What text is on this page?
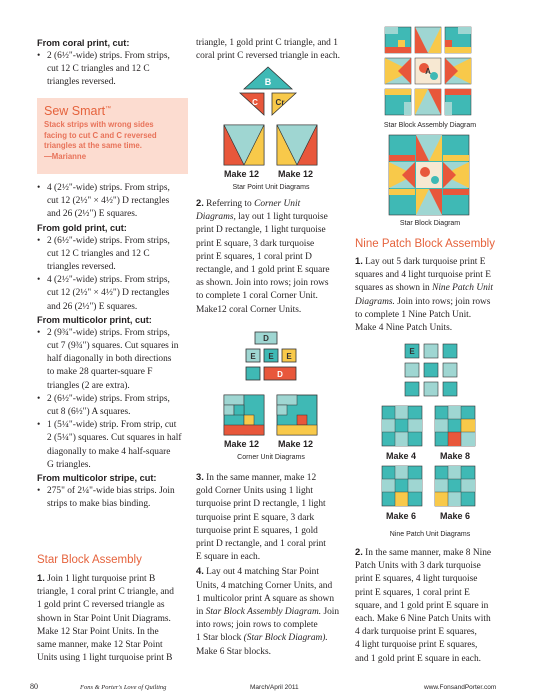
From coral print, cut:

• 2 (6½"-wide) strips. From strips,
cut 12 C triangles and 12 C
triangles reversed.
Sew Smart™
Stack strips with wrong sides
facing to cut C and C reversed
triangles at the same time.
—Marianne
• 4 (2½"-wide) strips. From strips,
cut 12 (2½" × 4½") D rectangles
and 26 (2½") E squares.

From gold print, cut:

• 2 (6½"-wide) strips. From strips,
cut 12 C triangles and 12 C
triangles reversed.
• 4 (2½"-wide) strips. From strips,
cut 12 (2½" × 4½") D rectangles
and 26 (2½") E squares.

From multicolor print, cut:

• 2 (9¾"-wide) strips. From strips,
cut 7 (9¾") squares. Cut squares in
half diagonally in both directions
to make 28 quarter-square F
triangles (2 are extra).
• 2 (6½"-wide) strips. From strips,
cut 8 (6½") A squares.
• 1 (5¼"-wide) strip. From strip, cut
2 (5¼") squares. Cut squares in half
diagonally to make 4 half-square
G triangles.

From multicolor stripe, cut:

• 275" of 2¼"-wide bias strips. Join
strips to make bias binding.

Star Block Assembly

1. Join 1 light turquoise print B
triangle, 1 coral print C triangle, and
1 gold print C reversed triangle as
shown in Star Point Unit Diagrams.
Make 12 Star Point Units. In the
same manner, make 12 Star Point
Units using 1 light turquoise print B
triangle, 1 gold print C triangle, and 1
coral print C reversed triangle in each.
B
C Cr
Make 12 Make 12
Star Point Unit Diagrams
2. Referring to Corner Unit
Diagrams, lay out 1 light turquoise
print D rectangle, 1 light turquoise
print E square, 3 dark turquoise
print E squares, 1 coral print D
rectangle, and 1 gold print E square
as shown. Join into rows; join rows
to complete 1 coral Corner Unit.
Make12 coral Corner Units.
D
E E E
D
Make 12 Make 12
Corner Unit Diagrams
3. In the same manner, make 12
gold Corner Units using 1 light
turquoise print D rectangle, 1 light
turquoise print E square, 3 dark
turquoise print E squares, 1 gold
print D rectangle, and 1 coral print
E square in each.
4. Lay out 4 matching Star Point
Units, 4 matching Corner Units, and
1 multicolor print A square as shown
in Star Block Assembly Diagram. Join
into rows; join rows to complete
1 Star block (Star Block Diagram).
Make 6 Star blocks.
A
Star Block Assembly Diagram
Star Block Diagram

Nine Patch Block Assembly

1. Lay out 5 dark turquoise print E
squares and 4 light turquoise print E
squares as shown in Nine Patch Unit
Diagrams. Join into rows; join rows
to complete 1 Nine Patch Unit.
Make 4 Nine Patch Units.
E
Make 4	Make 8
Make 6	Make 6
Nine Patch Unit Diagrams
2. In the same manner, make 8 Nine
Patch Units with 3 dark turquoise
print E squares, 4 light turquoise
print E squares, 1 coral print E
square, and 1 gold print E square in
each. Make 6 Nine Patch Units with
4 dark turquoise print E squares,
4 light turquoise print E squares,
and 1 gold print E square in each.
80	Fons & Porter's Love of Quilting	March/April 2011	www.FonsandPorter.com
